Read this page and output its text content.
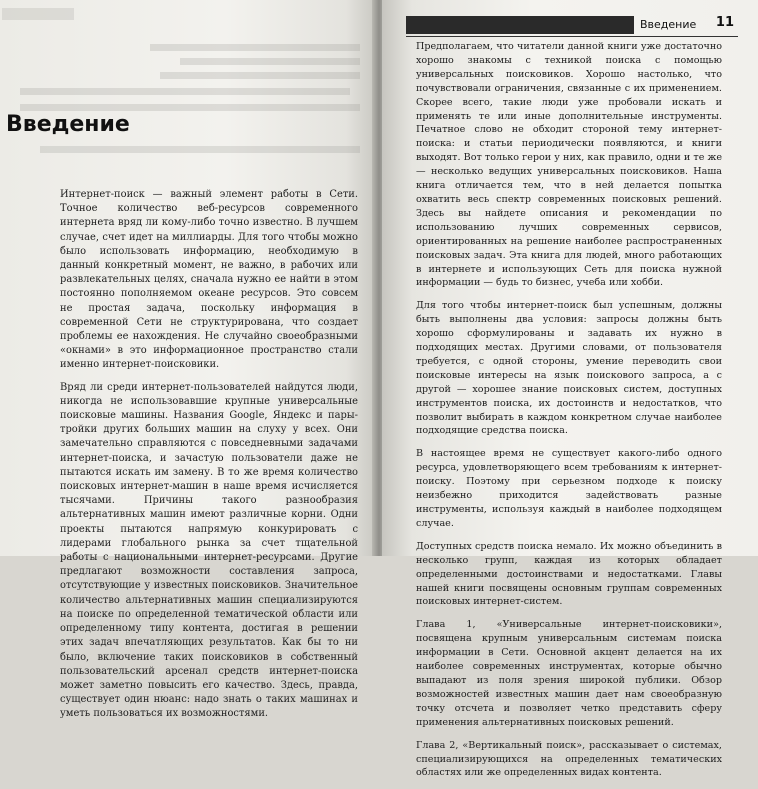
Введение

Интернет-поиск — важный элемент работы в Сети. Точное количество веб-ресурсов современного интернета вряд ли кому-либо точно известно. В лучшем случае, счет идет на миллиарды. Для того чтобы можно было использовать информацию, необходимую в данный конкретный момент, не важно, в рабочих или развлекательных целях, сначала нужно ее найти в этом постоянно пополняемом океане ресурсов. Это совсем не простая задача, поскольку информация в современной Сети не структурирована, что создает проблемы ее нахождения. Не случайно своеобразными «окнами» в это информационное пространство стали именно интернет-поисковики.

Вряд ли среди интернет-пользователей найдутся люди, никогда не использовавшие крупные универсальные поисковые машины. Названия Google, Яндекс и пары-тройки других больших машин на слуху у всех. Они замечательно справляются с повседневными задачами интернет-поиска, и зачастую пользователи даже не пытаются искать им замену. В то же время количество поисковых интернет-машин в наше время исчисляется тысячами. Причины такого разнообразия альтернативных машин имеют различные корни. Одни проекты пытаются напрямую конкурировать с лидерами глобального рынка за счет тщательной работы с национальными интернет-ресурсами. Другие предлагают возможности составления запроса, отсутствующие у известных поисковиков. Значительное количество альтернативных машин специализируются на поиске по определенной тематической области или определенному типу контента, достигая в решении этих задач впечатляющих результатов. Как бы то ни было, включение таких поисковиков в собственный пользовательский арсенал средств интернет-поиска может заметно повысить его качество. Здесь, правда, существует один нюанс: надо знать о таких машинах и уметь пользоваться их возможностями.

Введение 11

Предполагаем, что читатели данной книги уже достаточно хорошо знакомы с техникой поиска с помощью универсальных поисковиков. Хорошо настолько, что почувствовали ограничения, связанные с их применением. Скорее всего, такие люди уже пробовали искать и применять те или иные дополнительные инструменты. Печатное слово не обходит стороной тему интернет-поиска: и статьи периодически появляются, и книги выходят. Вот только герои у них, как правило, одни и те же — несколько ведущих универсальных поисковиков. Наша книга отличается тем, что в ней делается попытка охватить весь спектр современных поисковых решений. Здесь вы найдете описания и рекомендации по использованию лучших современных сервисов, ориентированных на решение наиболее распространенных поисковых задач. Эта книга для людей, много работающих в интернете и использующих Сеть для поиска нужной информации — будь то бизнес, учеба или хобби.

Для того чтобы интернет-поиск был успешным, должны быть выполнены два условия: запросы должны быть хорошо сформулированы и задавать их нужно в подходящих местах. Другими словами, от пользователя требуется, с одной стороны, умение переводить свои поисковые интересы на язык поискового запроса, а с другой — хорошее знание поисковых систем, доступных инструментов поиска, их достоинств и недостатков, что позволит выбирать в каждом конкретном случае наиболее подходящие средства поиска.

В настоящее время не существует какого-либо одного ресурса, удовлетворяющего всем требованиям к интернет-поиску. Поэтому при серьезном подходе к поиску неизбежно приходится задействовать разные инструменты, используя каждый в наиболее подходящем случае.

Доступных средств поиска немало. Их можно объединить в несколько групп, каждая из которых обладает определенными достоинствами и недостатками. Главы нашей книги посвящены основным группам современных поисковых интернет-систем.

Глава 1, «Универсальные интернет-поисковики», посвящена крупным универсальным системам поиска информации в Сети. Основной акцент делается на их наиболее современных инструментах, которые обычно выпадают из поля зрения широкой публики. Обзор возможностей известных машин дает нам своеобразную точку отсчета и позволяет четко представить сферу применения альтернативных поисковых решений.

Глава 2, «Вертикальный поиск», рассказывает о системах, специализирующихся на определенных тематических областях или же определенных видах контента.
